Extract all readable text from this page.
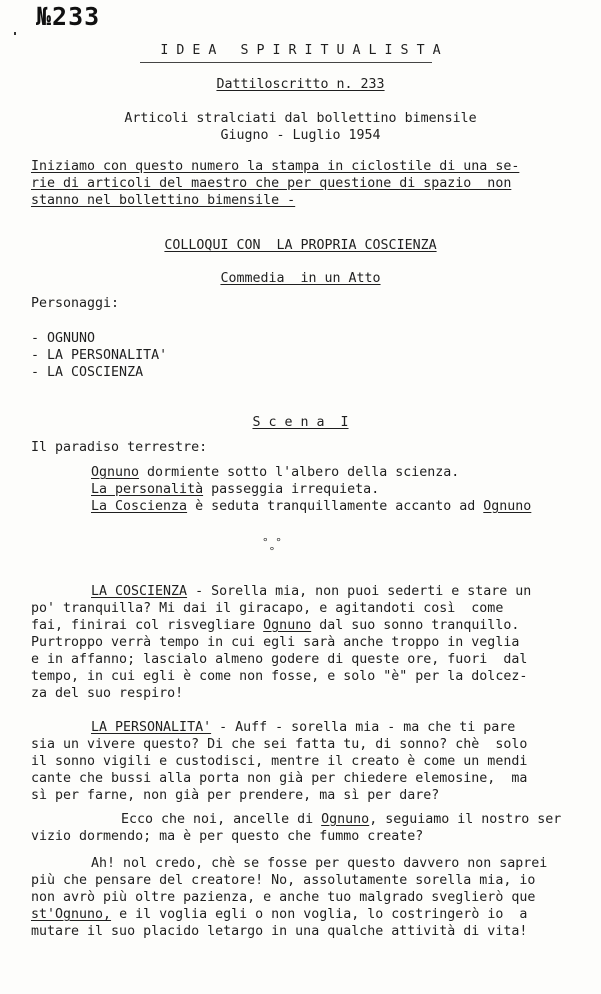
№233
I D E A   S P I R I T U A L I S T A
Dattiloscritto n. 233
Articoli stralciati dal bollettino bimensile
Giugno - Luglio 1954
Iniziamo con questo numero la stampa in ciclostile di una se-
rie di articoli del maestro che per questione di spazio  non
stanno nel bollettino bimensile -
COLLOQUI CON  LA PROPRIA COSCIENZA
Commedia  in un Atto
Personaggi:
- OGNUNO
- LA PERSONALITA'
- LA COSCIENZA
S c e n a  I
Il paradiso terrestre:
Ognuno dormiente sotto l'albero della scienza.
La personalità passeggia irrequieta.
La Coscienza è seduta tranquillamente accanto ad Ognuno
° °
°
LA COSCIENZA - Sorella mia, non puoi sederti e stare un
po' tranquilla? Mi dai il giracapo, e agitandoti così  come
fai, finirai col risvegliare Ognuno dal suo sonno tranquillo.
Purtroppo verrà tempo in cui egli sarà anche troppo in veglia
e in affanno; lascialo almeno godere di queste ore, fuori  dal
tempo, in cui egli è come non fosse, e solo "è" per la dolcez-
za del suo respiro!
LA PERSONALITA' - Auff - sorella mia - ma che ti pare
sia un vivere questo? Di che sei fatta tu, di sonno? chè  solo
il sonno vigili e custodisci, mentre il creato è come un mendi
cante che bussi alla porta non già per chiedere elemosine,  ma
sì per farne, non già per prendere, ma sì per dare?
Ecco che noi, ancelle di Ognuno, seguiamo il nostro ser
vizio dormendo; ma è per questo che fummo create?
Ah! nol credo, chè se fosse per questo davvero non saprei
più che pensare del creatore! No, assolutamente sorella mia, io
non avrò più oltre pazienza, e anche tuo malgrado sveglierò que
st'Ognuno, e il voglia egli o non voglia, lo costringerò io  a
mutare il suo placido letargo in una qualche attività di vita!
